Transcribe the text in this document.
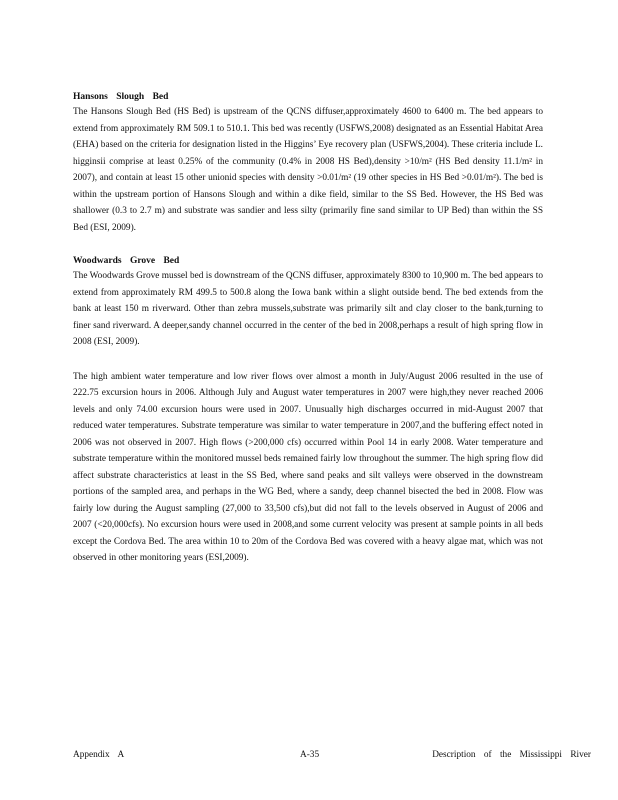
Hansons Slough Bed

The Hansons Slough Bed (HS Bed) is upstream of the QCNS diffuser,approximately 4600 to 6400 m. The bed appears to extend from approximately RM 509.1 to 510.1. This bed was recently (USFWS,2008) designated as an Essential Habitat Area (EHA) based on the criteria for designation listed in the Higgins’ Eye recovery plan (USFWS,2004). These criteria include L. higginsii comprise at least 0.25% of the community (0.4% in 2008 HS Bed),density >10/m² (HS Bed density 11.1/m² in 2007), and contain at least 15 other unionid species with density >0.01/m² (19 other species in HS Bed >0.01/m²). The bed is within the upstream portion of Hansons Slough and within a dike field, similar to the SS Bed. However, the HS Bed was shallower (0.3 to 2.7 m) and substrate was sandier and less silty (primarily fine sand similar to UP Bed) than within the SS Bed (ESI, 2009).

Woodwards Grove Bed

The Woodwards Grove mussel bed is downstream of the QCNS diffuser, approximately 8300 to 10,900 m. The bed appears to extend from approximately RM 499.5 to 500.8 along the Iowa bank within a slight outside bend. The bed extends from the bank at least 150 m riverward. Other than zebra mussels,substrate was primarily silt and clay closer to the bank,turning to finer sand riverward. A deeper,sandy channel occurred in the center of the bed in 2008,perhaps a result of high spring flow in 2008 (ESI, 2009).

The high ambient water temperature and low river flows over almost a month in July/August 2006 resulted in the use of 222.75 excursion hours in 2006. Although July and August water temperatures in 2007 were high,they never reached 2006 levels and only 74.00 excursion hours were used in 2007. Unusually high discharges occurred in mid-August 2007 that reduced water temperatures. Substrate temperature was similar to water temperature in 2007,and the buffering effect noted in 2006 was not observed in 2007. High flows (>200,000 cfs) occurred within Pool 14 in early 2008. Water temperature and substrate temperature within the monitored mussel beds remained fairly low throughout the summer. The high spring flow did affect substrate characteristics at least in the SS Bed, where sand peaks and silt valleys were observed in the downstream portions of the sampled area, and perhaps in the WG Bed, where a sandy, deep channel bisected the bed in 2008. Flow was fairly low during the August sampling (27,000 to 33,500 cfs),but did not fall to the levels observed in August of 2006 and 2007 (<20,000cfs). No excursion hours were used in 2008,and some current velocity was present at sample points in all beds except the Cordova Bed. The area within 10 to 20m of the Cordova Bed was covered with a heavy algae mat, which was not observed in other monitoring years (ESI,2009).

Appendix A	A-35	Description of the Mississippi River
